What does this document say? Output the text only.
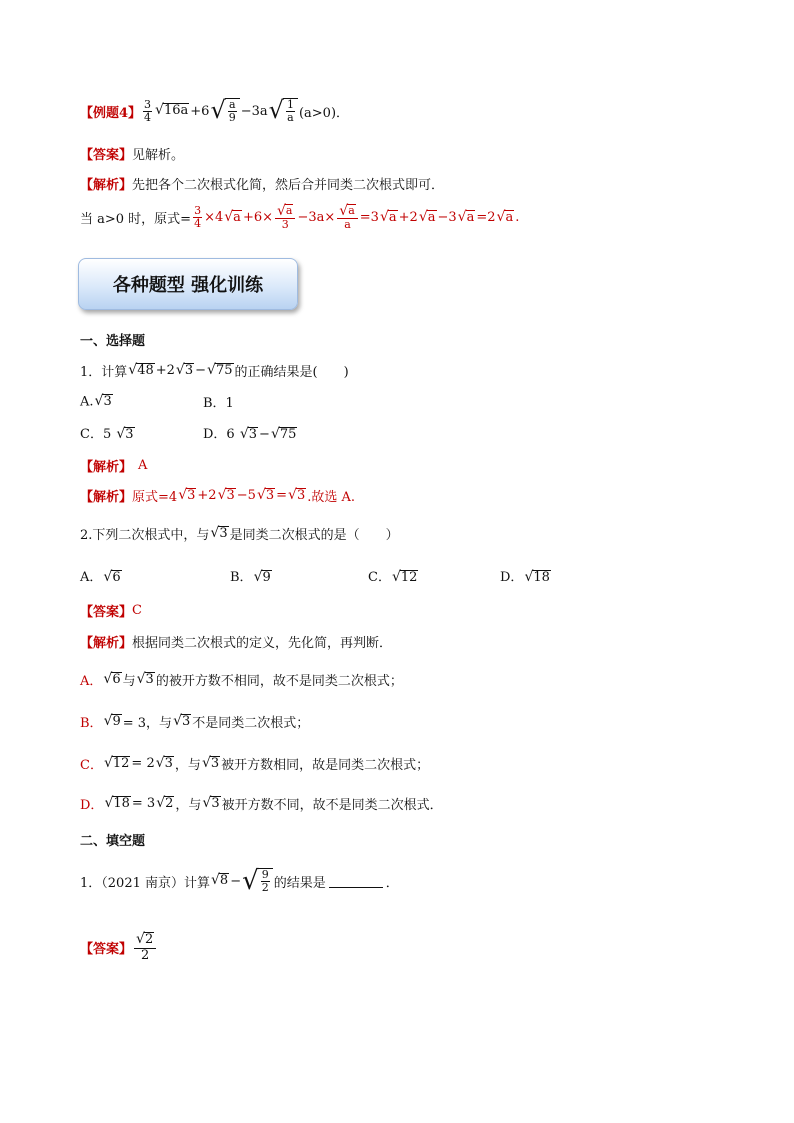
【例题4】 $\frac{3}{4}$ √ 16a +6 √ $\frac{a}{9} -3a$ √ $\frac{1}{a} (a>0)$．
【答案】 见解析。
【解析】 先把各个二次根式化简，然后合并同类二次根式即可．
当 a>0 时，原式= $\frac{3}{4} \times 4$ √ $a +6\times \frac{√ a}{3} -3a\times \frac{√ a}{a} =3$ √ a +2 √ a −3 √ a =2 √ a .
各种题型 强化训练
一、选择题
1．计算 √ 48 +2 √ 3 − √ 75 的正确结果是(　　)
A. √ 3	B．1
C．5 √ 3	D．6 √ 3 − √ 75
【解析】 A
【解析】 原式=4 √ 3 +2 √ 3 −5 √ 3 = √ 3 .故选 A.
2.下列二次根式中，与 √ 3 是同类二次根式的是（　　）
A． √ 6	B． √ 9	C． √ 12	D． √ 18
【答案】 C
【解析】 根据同类二次根式的定义，先化简，再判断．
A． √ 6 与 √ 3 的被开方数不相同，故不是同类二次根式；
B． √ 9 = 3，与 √ 3 不是同类二次根式；
C． √ 12 = 2 √ 3 ，与 √ 3 被开方数相同，故是同类二次根式；
D． √ 18 = 3 √ 2 ，与 √ 3 被开方数不同，故不是同类二次根式．
二、填空题
1．（2021 南京）计算 √ 8 − √ $\frac{9}{2}$ 的结果是	．
【答案】 $\frac{√ 2}{2}$
